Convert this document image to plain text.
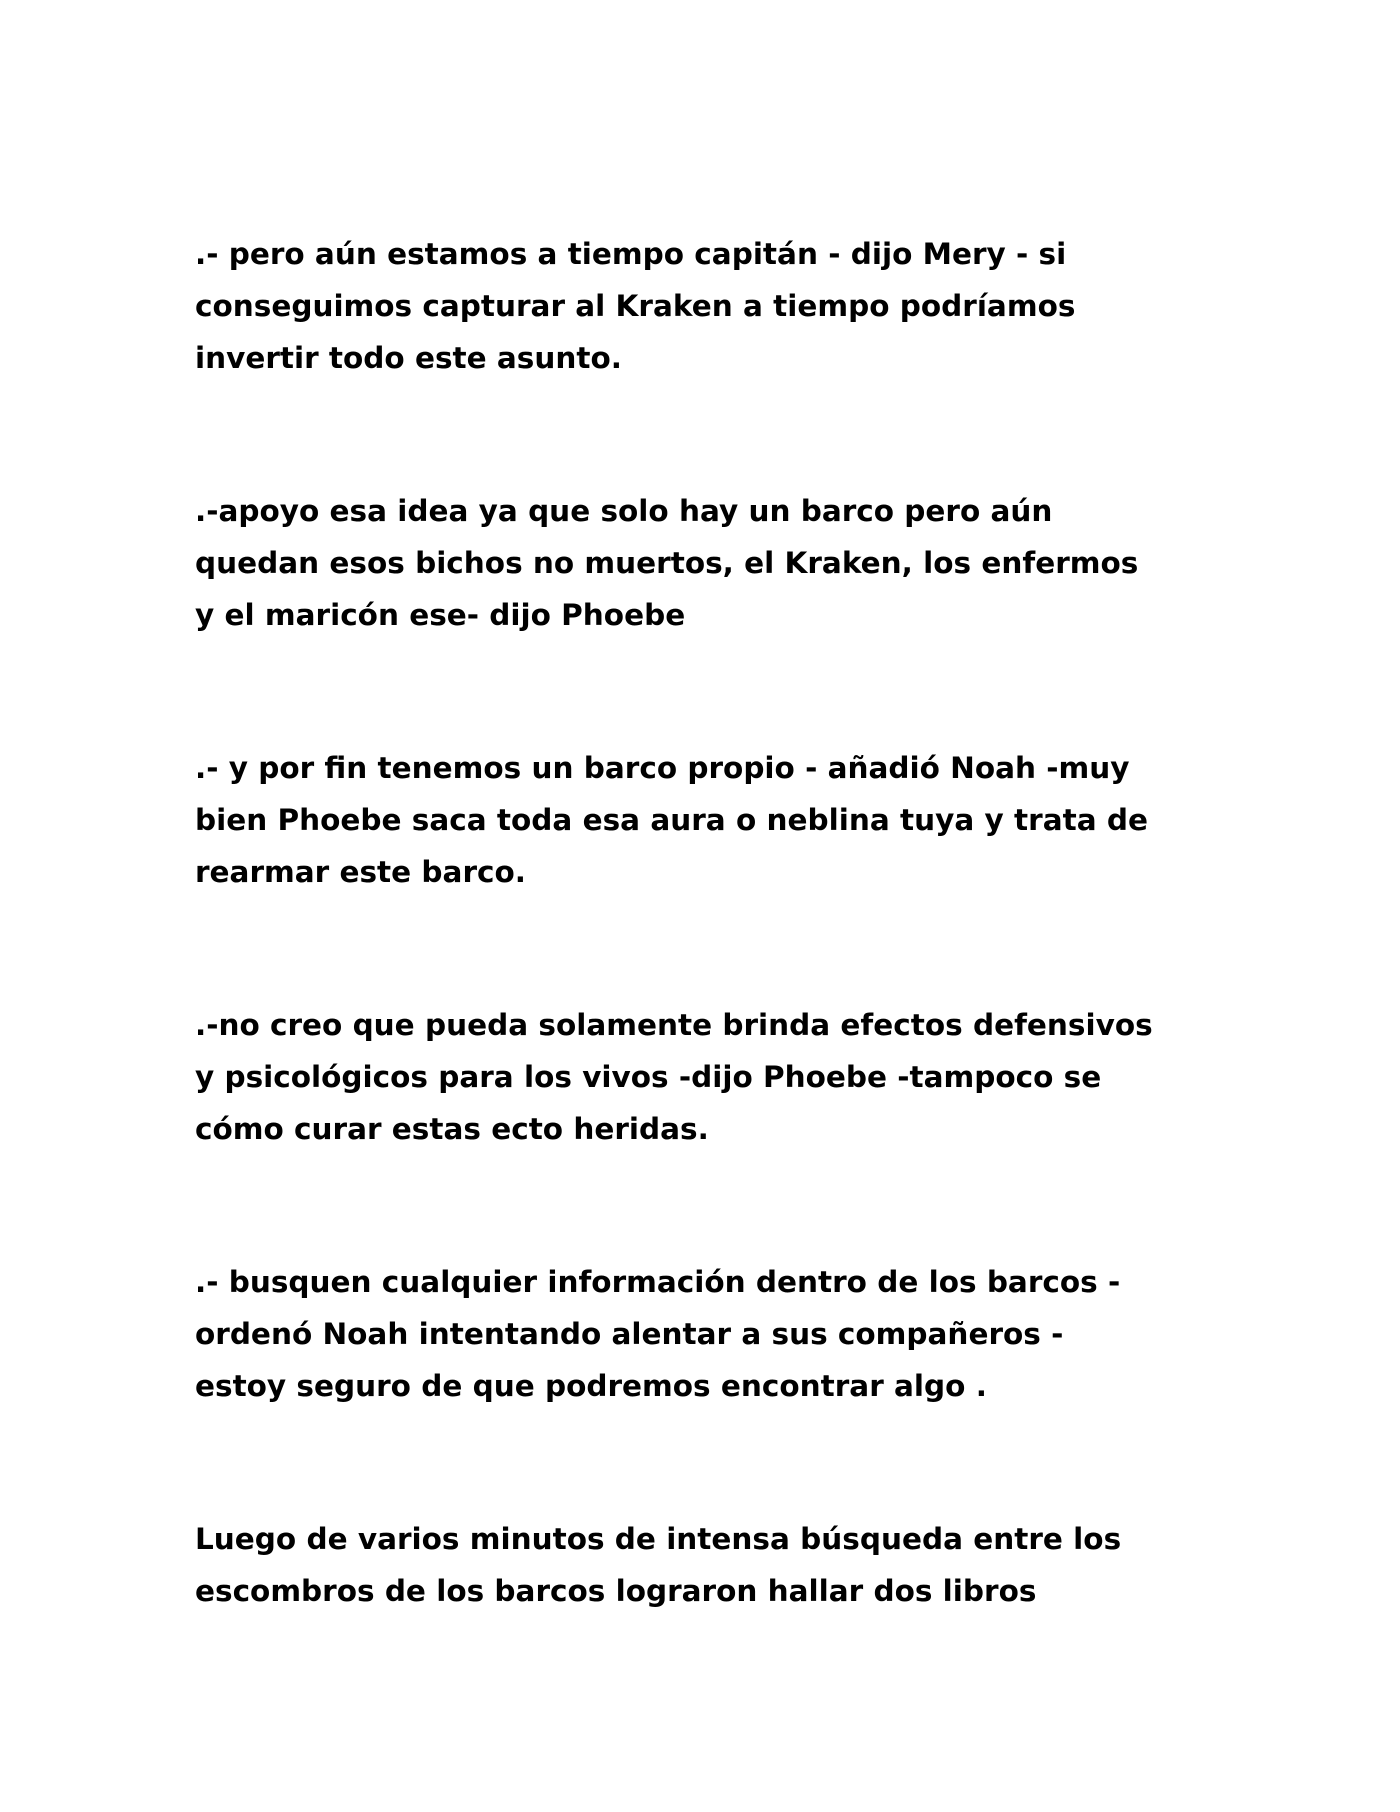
.- pero aún estamos a tiempo capitán - dijo Mery - si
conseguimos capturar al Kraken a tiempo podríamos
invertir todo este asunto.

.-apoyo esa idea ya que solo hay un barco pero aún
quedan esos bichos no muertos, el Kraken, los enfermos
y el maricón ese- dijo Phoebe

.- y por fin tenemos un barco propio - añadió Noah -muy
bien Phoebe saca toda esa aura o neblina tuya y trata de
rearmar este barco.

.-no creo que pueda solamente brinda efectos defensivos
y psicológicos para los vivos -dijo Phoebe -tampoco se
cómo curar estas ecto heridas.

.- busquen cualquier información dentro de los barcos -
ordenó Noah intentando alentar a sus compañeros -
estoy seguro de que podremos encontrar algo .

Luego de varios minutos de intensa búsqueda entre los
escombros de los barcos lograron hallar dos libros
